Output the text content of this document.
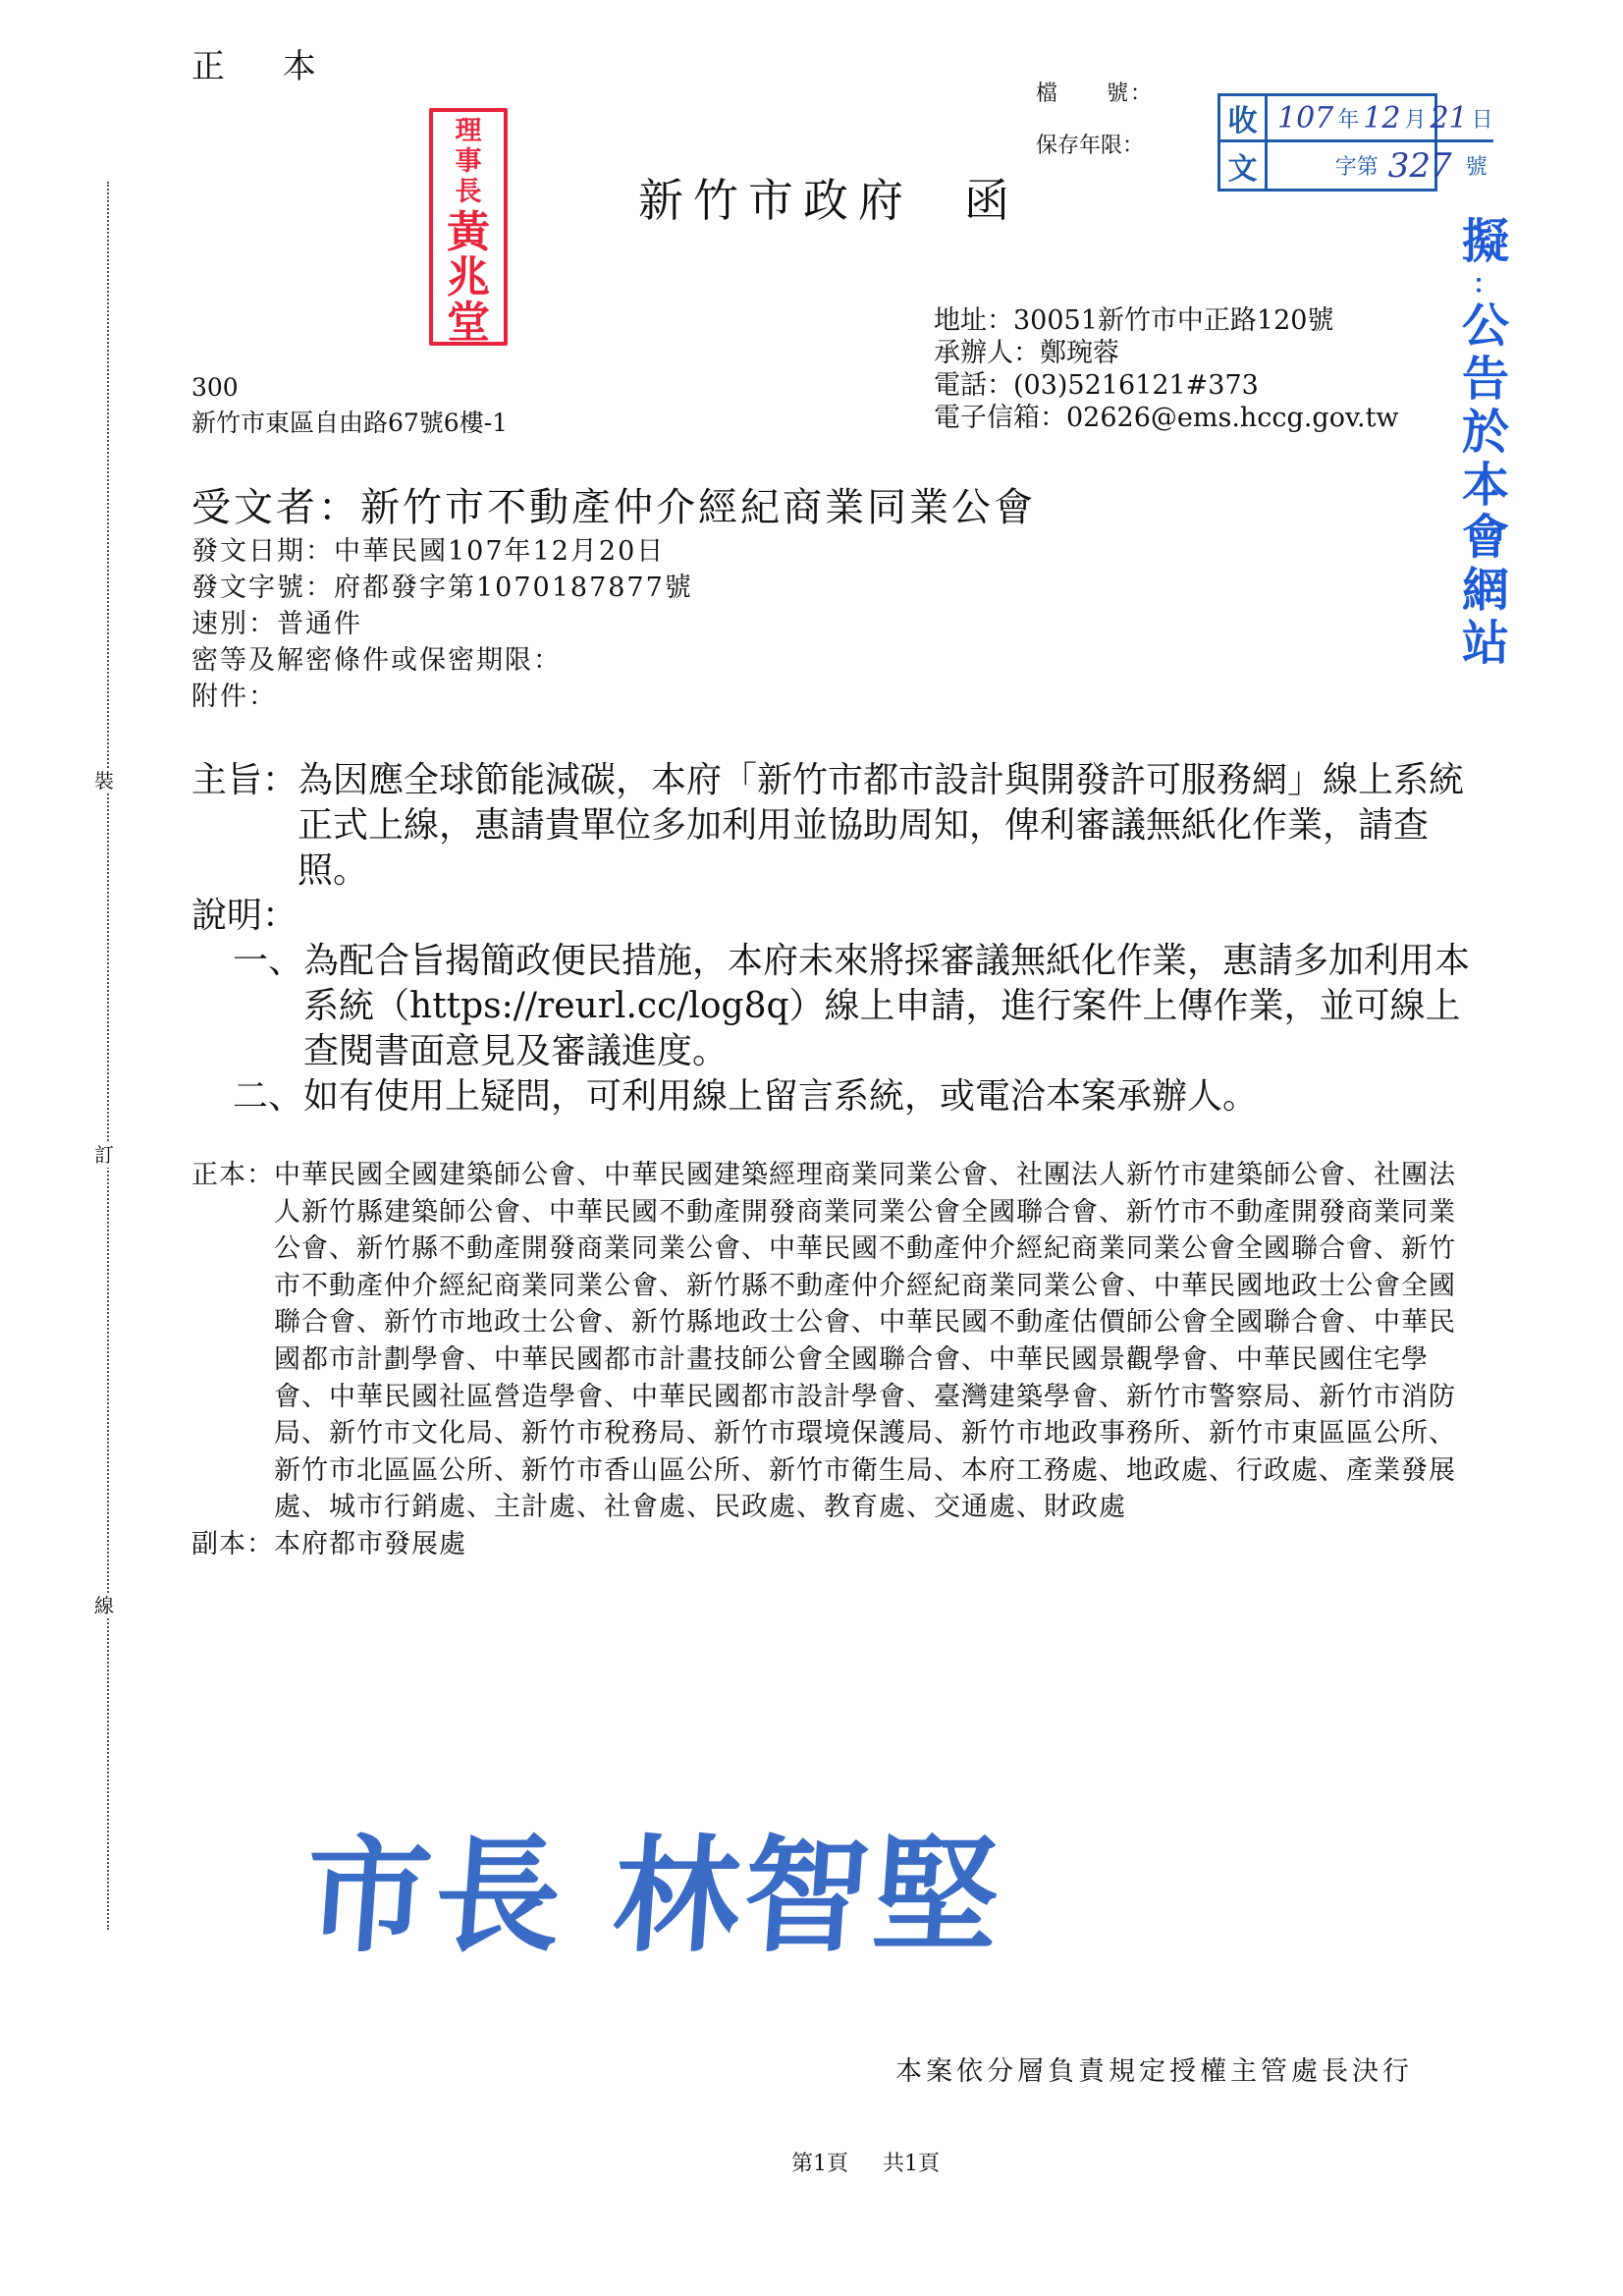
正 本
理
事
長
黃
兆
堂
檔　　號：
保存年限：
收 107 年 12 月 21 日
文	字第 327 號
新竹市政府 函
擬
：
公
告
於
本
會
網
站
地址：30051新竹市中正路120號
承辦人：鄭琬蓉
電話：(03)5216121#373
電子信箱：02626@ems.hccg.gov.tw
300
新竹市東區自由路67號6樓-1
受文者：新竹市不動產仲介經紀商業同業公會
發文日期：中華民國107年12月20日
發文字號：府都發字第1070187877號
速別：普通件
密等及解密條件或保密期限：
附件：
裝
訂
線
主旨： 為因應全球節能減碳，本府「新竹市都市設計與開發許可服務網」線上系統正式上線，惠請貴單位多加利用並協助周知，俾利審議無紙化作業，請查照。
說明：
一、 為配合旨揭簡政便民措施，本府未來將採審議無紙化作業，惠請多加利用本系統（https://reurl.cc/log8q）線上申請，進行案件上傳作業，並可線上查閱書面意見及審議進度。
二、 如有使用上疑問，可利用線上留言系統，或電洽本案承辦人。
正本： 中華民國全國建築師公會、中華民國建築經理商業同業公會、社團法人新竹市建築師公會、社團法人新竹縣建築師公會、中華民國不動產開發商業同業公會全國聯合會、新竹市不動產開發商業同業公會、新竹縣不動產開發商業同業公會、中華民國不動產仲介經紀商業同業公會全國聯合會、新竹市不動產仲介經紀商業同業公會、新竹縣不動產仲介經紀商業同業公會、中華民國地政士公會全國聯合會、新竹市地政士公會、新竹縣地政士公會、中華民國不動產估價師公會全國聯合會、中華民國都市計劃學會、中華民國都市計畫技師公會全國聯合會、中華民國景觀學會、中華民國住宅學會、中華民國社區營造學會、中華民國都市設計學會、臺灣建築學會、新竹市警察局、新竹市消防局、新竹市文化局、新竹市稅務局、新竹市環境保護局、新竹市地政事務所、新竹市東區區公所、新竹市北區區公所、新竹市香山區公所、新竹市衛生局、本府工務處、地政處、行政處、產業發展處、城市行銷處、主計處、社會處、民政處、教育處、交通處、財政處
副本： 本府都市發展處
市長 林智堅
本案依分層負責規定授權主管處長決行
第1頁 共1頁
